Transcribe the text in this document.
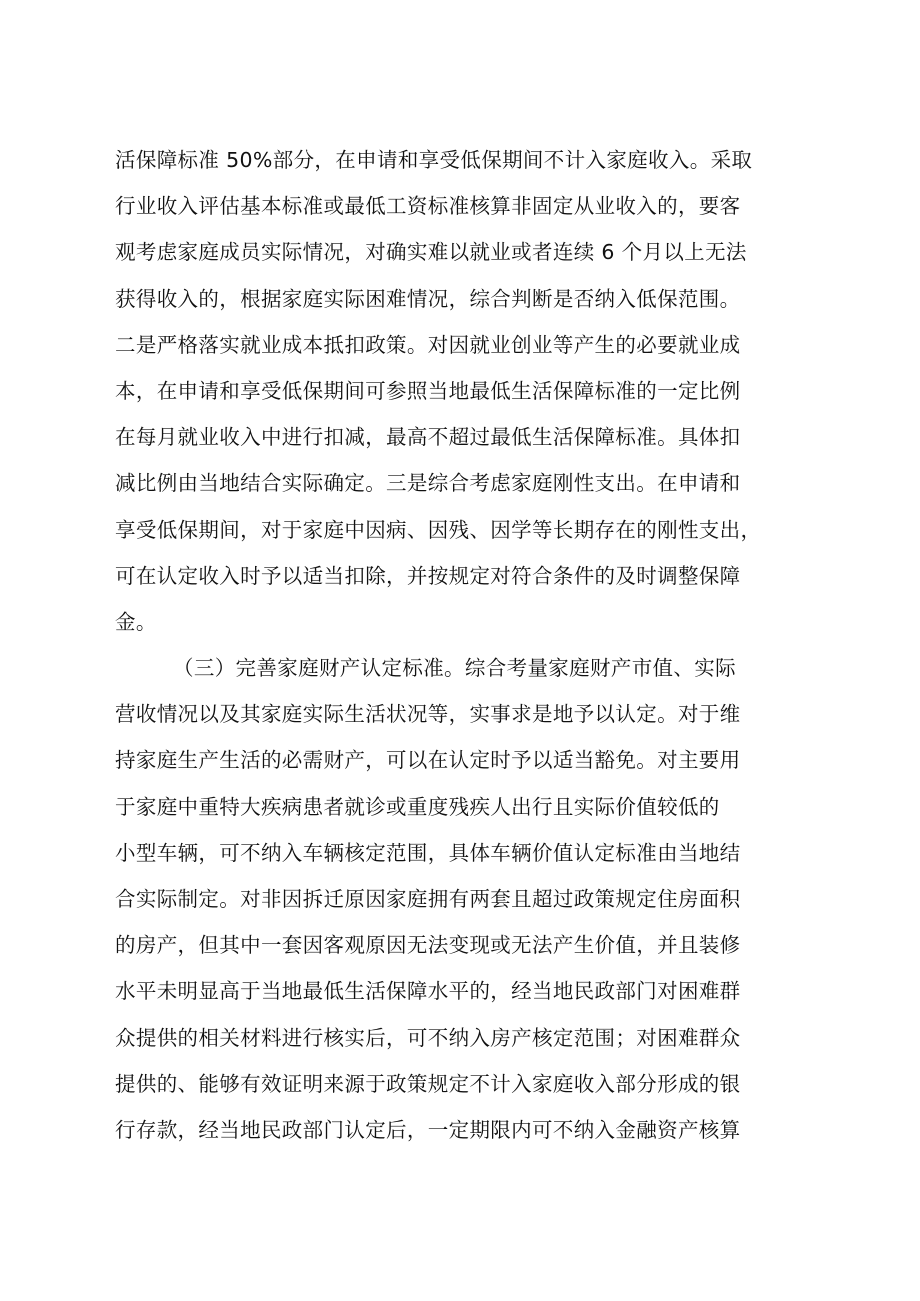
活保障标准 50%部分，在申请和享受低保期间不计入家庭收入。采取
行业收入评估基本标准或最低工资标准核算非固定从业收入的，要客
观考虑家庭成员实际情况，对确实难以就业或者连续 6 个月以上无法
获得收入的，根据家庭实际困难情况，综合判断是否纳入低保范围。
二是严格落实就业成本抵扣政策。对因就业创业等产生的必要就业成
本，在申请和享受低保期间可参照当地最低生活保障标准的一定比例
在每月就业收入中进行扣减，最高不超过最低生活保障标准。具体扣
减比例由当地结合实际确定。三是综合考虑家庭刚性支出。在申请和
享受低保期间，对于家庭中因病、因残、因学等长期存在的刚性支出，
可在认定收入时予以适当扣除，并按规定对符合条件的及时调整保障
金。
（三）完善家庭财产认定标准。综合考量家庭财产市值、实际
营收情况以及其家庭实际生活状况等，实事求是地予以认定。对于维
持家庭生产生活的必需财产，可以在认定时予以适当豁免。对主要用
于家庭中重特大疾病患者就诊或重度残疾人出行且实际价值较低的
小型车辆，可不纳入车辆核定范围，具体车辆价值认定标准由当地结
合实际制定。对非因拆迁原因家庭拥有两套且超过政策规定住房面积
的房产，但其中一套因客观原因无法变现或无法产生价值，并且装修
水平未明显高于当地最低生活保障水平的，经当地民政部门对困难群
众提供的相关材料进行核实后，可不纳入房产核定范围；对困难群众
提供的、能够有效证明来源于政策规定不计入家庭收入部分形成的银
行存款，经当地民政部门认定后，一定期限内可不纳入金融资产核算
